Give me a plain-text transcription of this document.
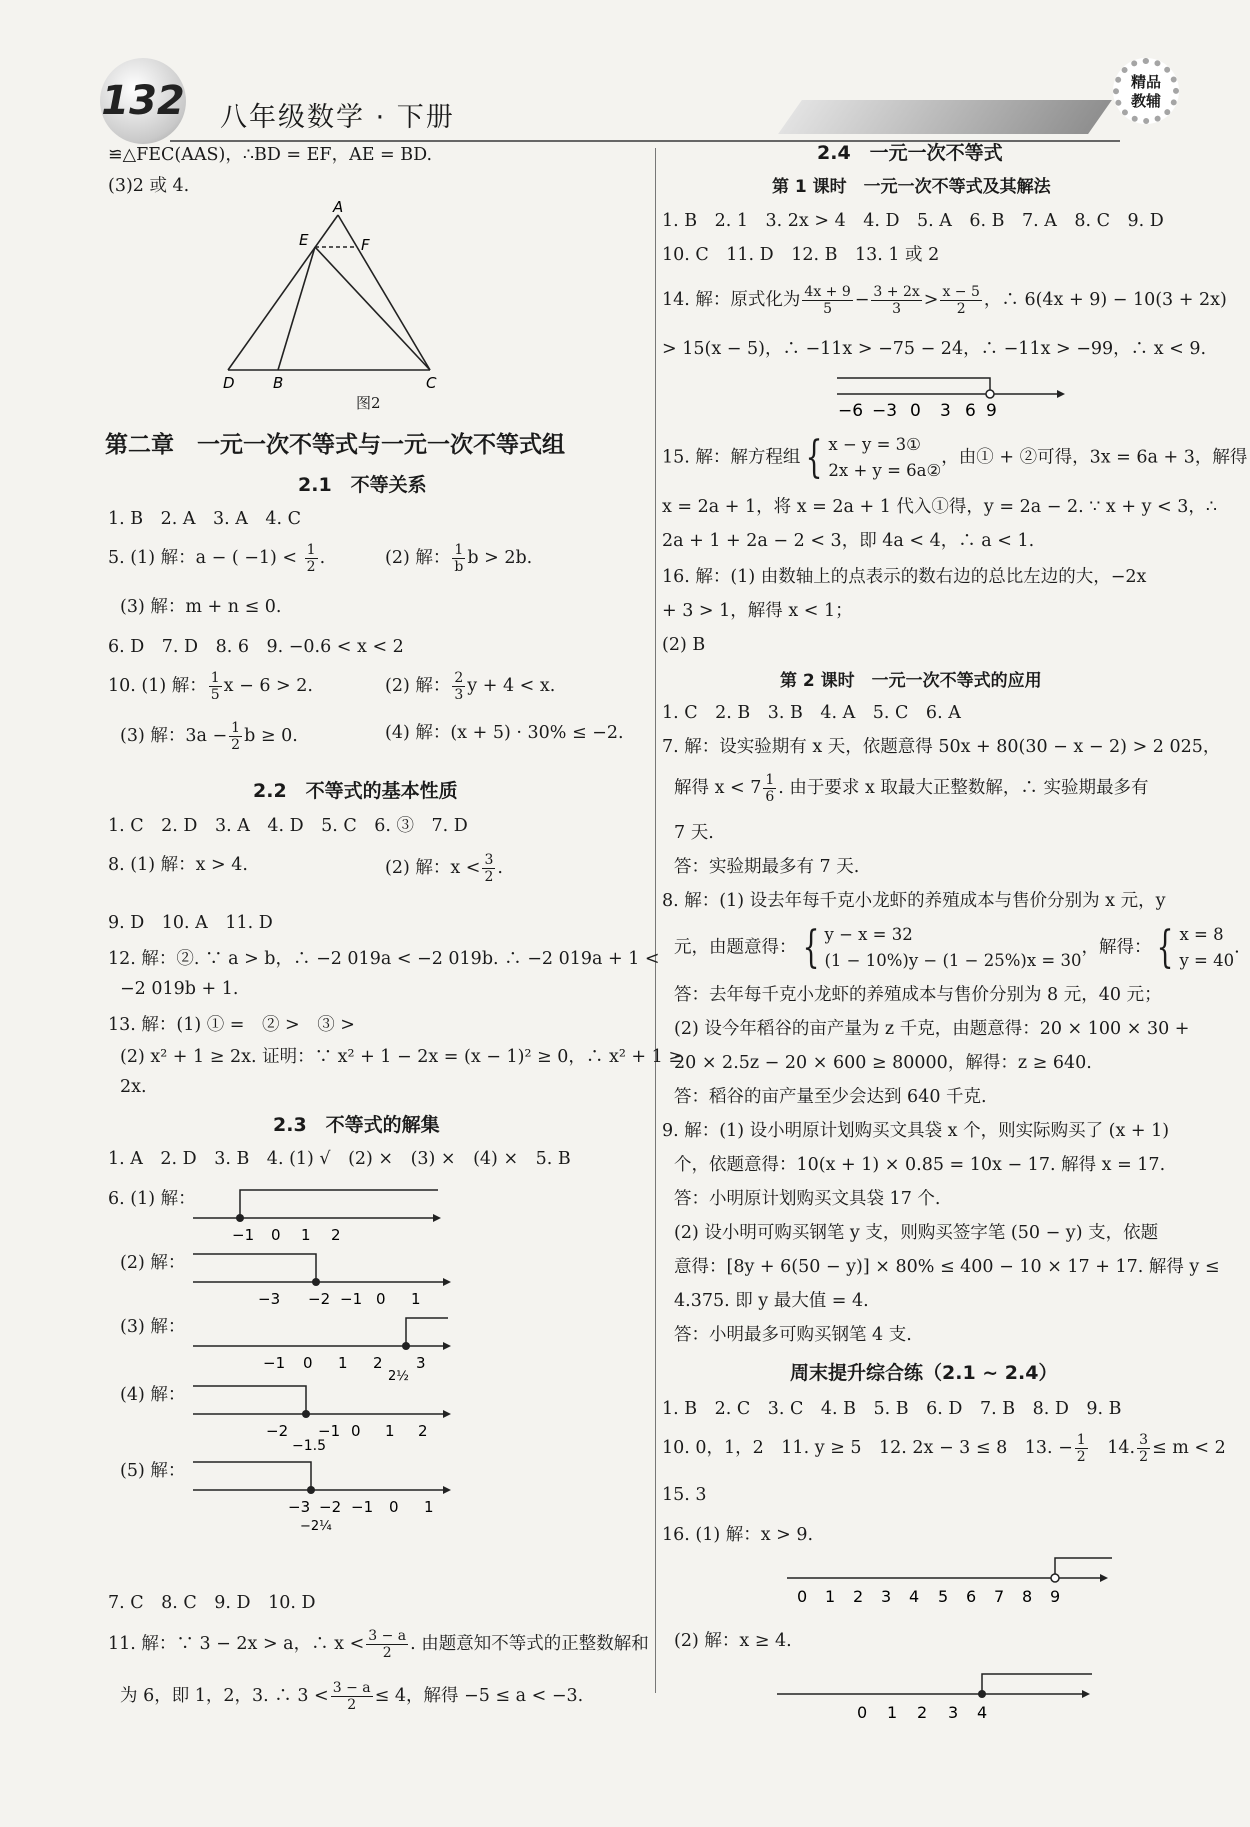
132 八年级数学 · 下册
精品
教辅
≌△FEC(AAS)，∴BD = EF，AE = BD.
(3)2 或 4.
A
E	F
D	B	C
图2
第二章　一元一次不等式与一元一次不等式组
2.1　不等关系
1. B　2. A　3. A　4. C
5. (1) 解：a − ( $-1) < \frac{1}{2}$ .	(2) 解： $\frac{1}{b}$ b > 2b.
(3) 解：m + n ≤ 0.
6. D　7. D　8. 6　9. −0.6 < x < 2
10. (1) 解： $\frac{1}{5}$ x − 6 > 2.	(2) 解： $\frac{2}{3}$ y + 4 < x.
(3) 解：$3a - \frac{1}{2}$ b ≥ 0.	(4) 解：(x + 5) · 30% ≤ −2.
2.2　不等式的基本性质
1. C　2. D　3. A　4. D　5. C　6. ③　7. D
8. (1) 解：x > 4.	(2) 解：$x < \frac{3}{2}$ .
9. D　10. A　11. D
12. 解：②. ∵ a > b，∴ −2 019a < −2 019b. ∴ −2 019a + 1 <
−2 019b + 1.
13. 解：(1) ① =　② >　③ >
(2) x² + 1 ≥ 2x. 证明：∵ x² + 1 − 2x = (x − 1)² ≥ 0，∴ x² + 1 ≥
2x.
2.3　不等式的解集
1. A　2. D　3. B　4. (1) √　(2) ×　(3) ×　(4) ×　5. B
6. (1) 解：
−1 0 1 2
(2) 解：
−3 −2 −1 0 1
(3) 解：
−1 0 1 2 3
2½
(4) 解：
−2 −1 0 1 2
−1.5
(5) 解：
−3 −2 −1 0 1
−2¼
7. C　8. C　9. D　10. D
11. 解：∵ 3 − 2x > a，∴ $x < \frac{3 - a}{2}$ . 由题意知不等式的正整数解和
为 6，即 1，2，3. ∴ $3 < \frac{3 - a}{2} \le 4$，解得 −5 ≤ a < −3.
2.4　一元一次不等式
第 1 课时　一元一次不等式及其解法
1. B　2. 1　3. 2x > 4　4. D　5. A　6. B　7. A　8. C　9. D
10. C　11. D　12. B　13. 1 或 2
14. 解：原式化为 $\frac{4x + 9}{5} - \frac{3 + 2x}{3} > \frac{x - 5}{2}$ ，∴ 6(4x + 9) − 10(3 + 2x)
> 15(x − 5)，∴ −11x > −75 − 24，∴ −11x > −99，∴ x < 9.
−6 −3 0 3 6 9
15. 解：解方程组 { x − y = 3①
2x + y = 6a②
，由① + ②可得，3x = 6a + 3，解得
x = 2a + 1，将 x = 2a + 1 代入①得，y = 2a − 2. ∵ x + y < 3，∴
2a + 1 + 2a − 2 < 3，即 4a < 4，∴ a < 1.
16. 解：(1) 由数轴上的点表示的数右边的总比左边的大，−2x
+ 3 > 1，解得 x < 1；
(2) B
第 2 课时　一元一次不等式的应用
1. C　2. B　3. B　4. A　5. C　6. A
7. 解：设实验期有 x 天，依题意得 50x + 80(30 − x − 2) > 2 025，
解得 $x < 7 \frac{1}{6}$ . 由于要求 x 取最大正整数解，∴ 实验期最多有
7 天.
答：实验期最多有 7 天.
8. 解：(1) 设去年每千克小龙虾的养殖成本与售价分别为 x 元，y
元，由题意得： { y − x = 32
(1 − 10%)y − (1 − 25%)x = 30
，解得： { x = 8
y = 40
.
答：去年每千克小龙虾的养殖成本与售价分别为 8 元，40 元；
(2) 设今年稻谷的亩产量为 z 千克，由题意得：20 × 100 × 30 +
20 × 2.5z − 20 × 600 ≥ 80000，解得：z ≥ 640.
答：稻谷的亩产量至少会达到 640 千克.
9. 解：(1) 设小明原计划购买文具袋 x 个，则实际购买了 (x + 1)
个，依题意得：10(x + 1) × 0.85 = 10x − 17. 解得 x = 17.
答：小明原计划购买文具袋 17 个.
(2) 设小明可购买钢笔 y 支，则购买签字笔 (50 − y) 支，依题
意得：[8y + 6(50 − y)] × 80% ≤ 400 − 10 × 17 + 17. 解得 y ≤
4.375. 即 y 最大值 = 4.
答：小明最多可购买钢笔 4 支.
周末提升综合练（2.1 ~ 2.4）
1. B　2. C　3. C　4. B　5. B　6. D　7. B　8. D　9. B
10. 0，1，2　11. y ≥ 5　12. 2x − 3 ≤ 8　13. − $\frac{1}{2}$ 　14. $\frac{3}{2} \le m < 2$
15. 3
16. (1) 解：x > 9.
0 1 2 3 4 5 6 7 8 9
(2) 解：x ≥ 4.
0 1 2 3 4
